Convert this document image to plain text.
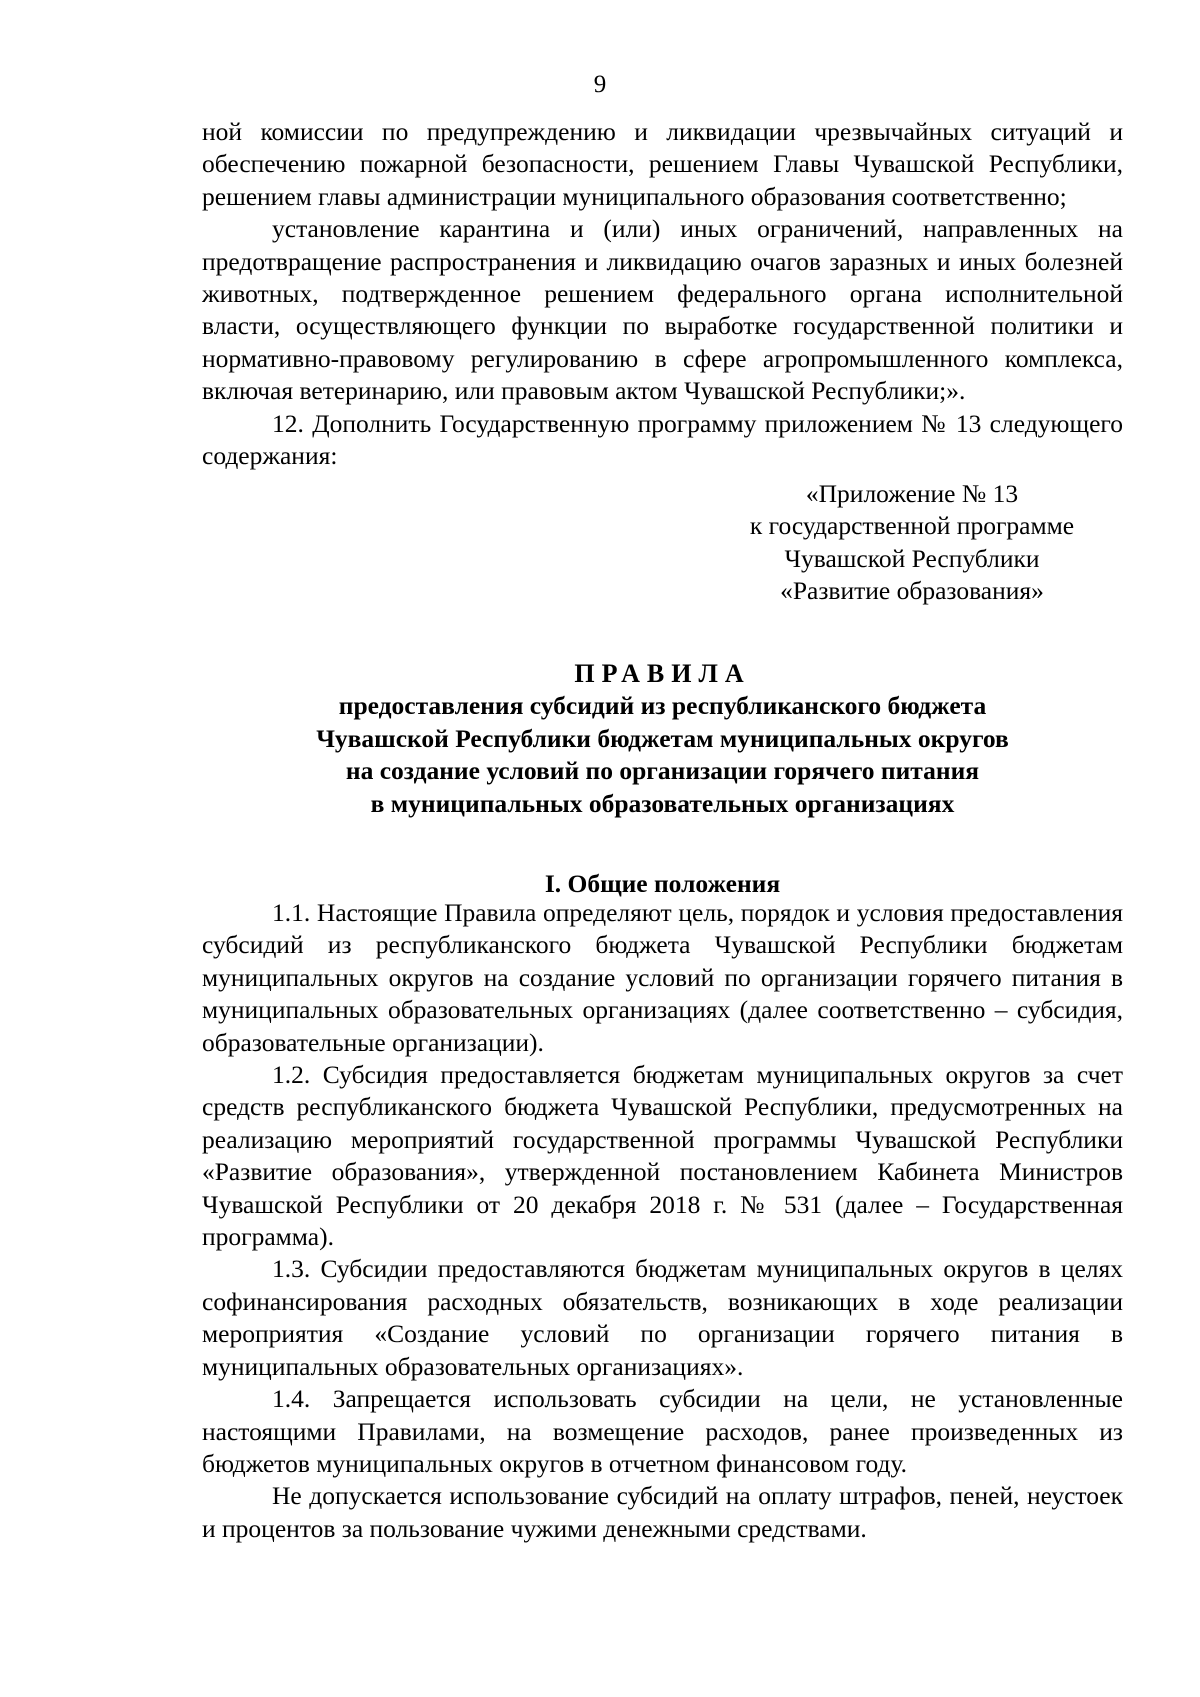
9

ной комиссии по предупреждению и ликвидации чрезвычайных ситуаций и обеспечению пожарной безопасности, решением Главы Чувашской Республики, решением главы администрации муниципального образования соответственно;

установление карантина и (или) иных ограничений, направленных на предотвращение распространения и ликвидацию очагов заразных и иных болезней животных, подтвержденное решением федерального органа исполнительной власти, осуществляющего функции по выработке государственной политики и нормативно-правовому регулированию в сфере агропромышленного комплекса, включая ветеринарию, или правовым актом Чувашской Республики;».

12. Дополнить Государственную программу приложением № 13 следующего содержания:

«Приложение № 13
к государственной программе
Чувашской Республики
«Развитие образования»
ПРАВИЛА
предоставления субсидий из республиканского бюджета
Чувашской Республики бюджетам муниципальных округов
на создание условий по организации горячего питания
в муниципальных образовательных организациях
I. Общие положения

1.1. Настоящие Правила определяют цель, порядок и условия предоставления субсидий из республиканского бюджета Чувашской Республики бюджетам муниципальных округов на создание условий по организации горячего питания в муниципальных образовательных организациях (далее соответственно – субсидия, образовательные организации).

1.2. Субсидия предоставляется бюджетам муниципальных округов за счет средств республиканского бюджета Чувашской Республики, предусмотренных на реализацию мероприятий государственной программы Чувашской Республики «Развитие образования», утвержденной постановлением Кабинета Министров Чувашской Республики от 20 декабря 2018 г. № 531 (далее – Государственная программа).

1.3. Субсидии предоставляются бюджетам муниципальных округов в целях софинансирования расходных обязательств, возникающих в ходе реализации мероприятия «Создание условий по организации горячего питания в муниципальных образовательных организациях».

1.4. Запрещается использовать субсидии на цели, не установленные настоящими Правилами, на возмещение расходов, ранее произведенных из бюджетов муниципальных округов в отчетном финансовом году.

Не допускается использование субсидий на оплату штрафов, пеней, неустоек и процентов за пользование чужими денежными средствами.
